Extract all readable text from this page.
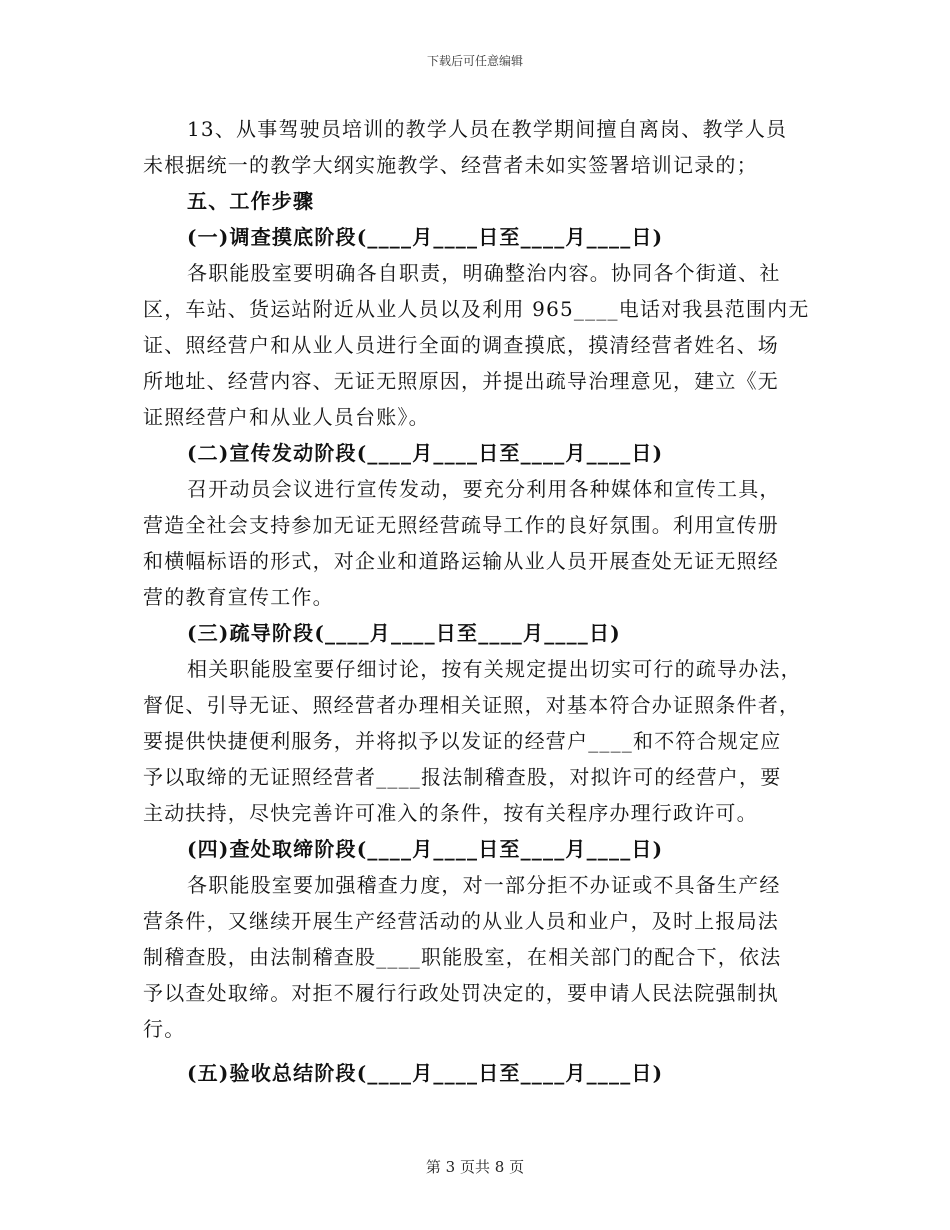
下载后可任意编辑
13、从事驾驶员培训的教学人员在教学期间擅自离岗、教学人员
未根据统一的教学大纲实施教学、经营者未如实签署培训记录的；
五、工作步骤
(一)调查摸底阶段(____月____日至____月____日)
各职能股室要明确各自职责，明确整治内容。协同各个街道、社
区，车站、货运站附近从业人员以及利用 965____电话对我县范围内无
证、照经营户和从业人员进行全面的调查摸底，摸清经营者姓名、场
所地址、经营内容、无证无照原因，并提出疏导治理意见，建立《无
证照经营户和从业人员台账》。
(二)宣传发动阶段(____月____日至____月____日)
召开动员会议进行宣传发动，要充分利用各种媒体和宣传工具，
营造全社会支持参加无证无照经营疏导工作的良好氛围。利用宣传册
和横幅标语的形式，对企业和道路运输从业人员开展查处无证无照经
营的教育宣传工作。
(三)疏导阶段(____月____日至____月____日)
相关职能股室要仔细讨论，按有关规定提出切实可行的疏导办法，
督促、引导无证、照经营者办理相关证照，对基本符合办证照条件者，
要提供快捷便利服务，并将拟予以发证的经营户____和不符合规定应
予以取缔的无证照经营者____报法制稽查股，对拟许可的经营户，要
主动扶持，尽快完善许可准入的条件，按有关程序办理行政许可。
(四)查处取缔阶段(____月____日至____月____日)
各职能股室要加强稽查力度，对一部分拒不办证或不具备生产经
营条件，又继续开展生产经营活动的从业人员和业户，及时上报局法
制稽查股，由法制稽查股____职能股室，在相关部门的配合下，依法
予以查处取缔。对拒不履行行政处罚决定的，要申请人民法院强制执
行。
(五)验收总结阶段(____月____日至____月____日)
第 3 页共 8 页
